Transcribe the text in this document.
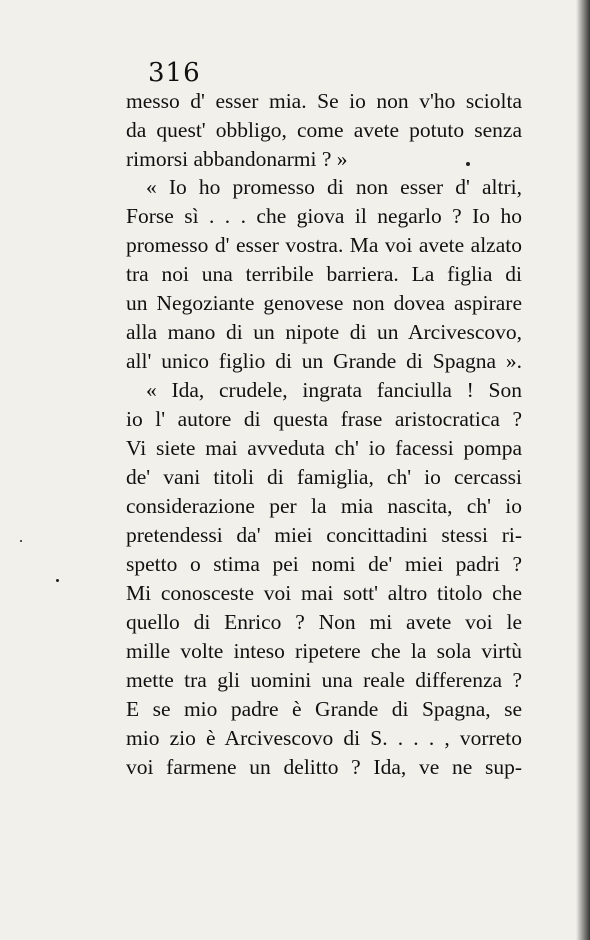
316
messo d' esser mia. Se io non v'ho sciolta
da quest' obbligo, come avete potuto senza
rimorsi abbandonarmi ? »
« Io ho promesso di non esser d' altri,
Forse sì . . . che giova il negarlo ? Io ho
promesso d' esser vostra. Ma voi avete alzato
tra noi una terribile barriera. La figlia di
un Negoziante genovese non dovea aspirare
alla mano di un nipote di un Arcivescovo,
all' unico figlio di un Grande di Spagna ».
« Ida, crudele, ingrata fanciulla ! Son
io l' autore di questa frase aristocratica ?
Vi siete mai avveduta ch' io facessi pompa
de' vani titoli di famiglia, ch' io cercassi
considerazione per la mia nascita, ch' io
pretendessi da' miei concittadini stessi ri-
spetto o stima pei nomi de' miei padri ?
Mi conosceste voi mai sott' altro titolo che
quello di Enrico ? Non mi avete voi le
mille volte inteso ripetere che la sola virtù
mette tra gli uomini una reale differenza ?
E se mio padre è Grande di Spagna, se
mio zio è Arcivescovo di S. . . . , vorreto
voi farmene un delitto ? Ida, ve ne sup-
